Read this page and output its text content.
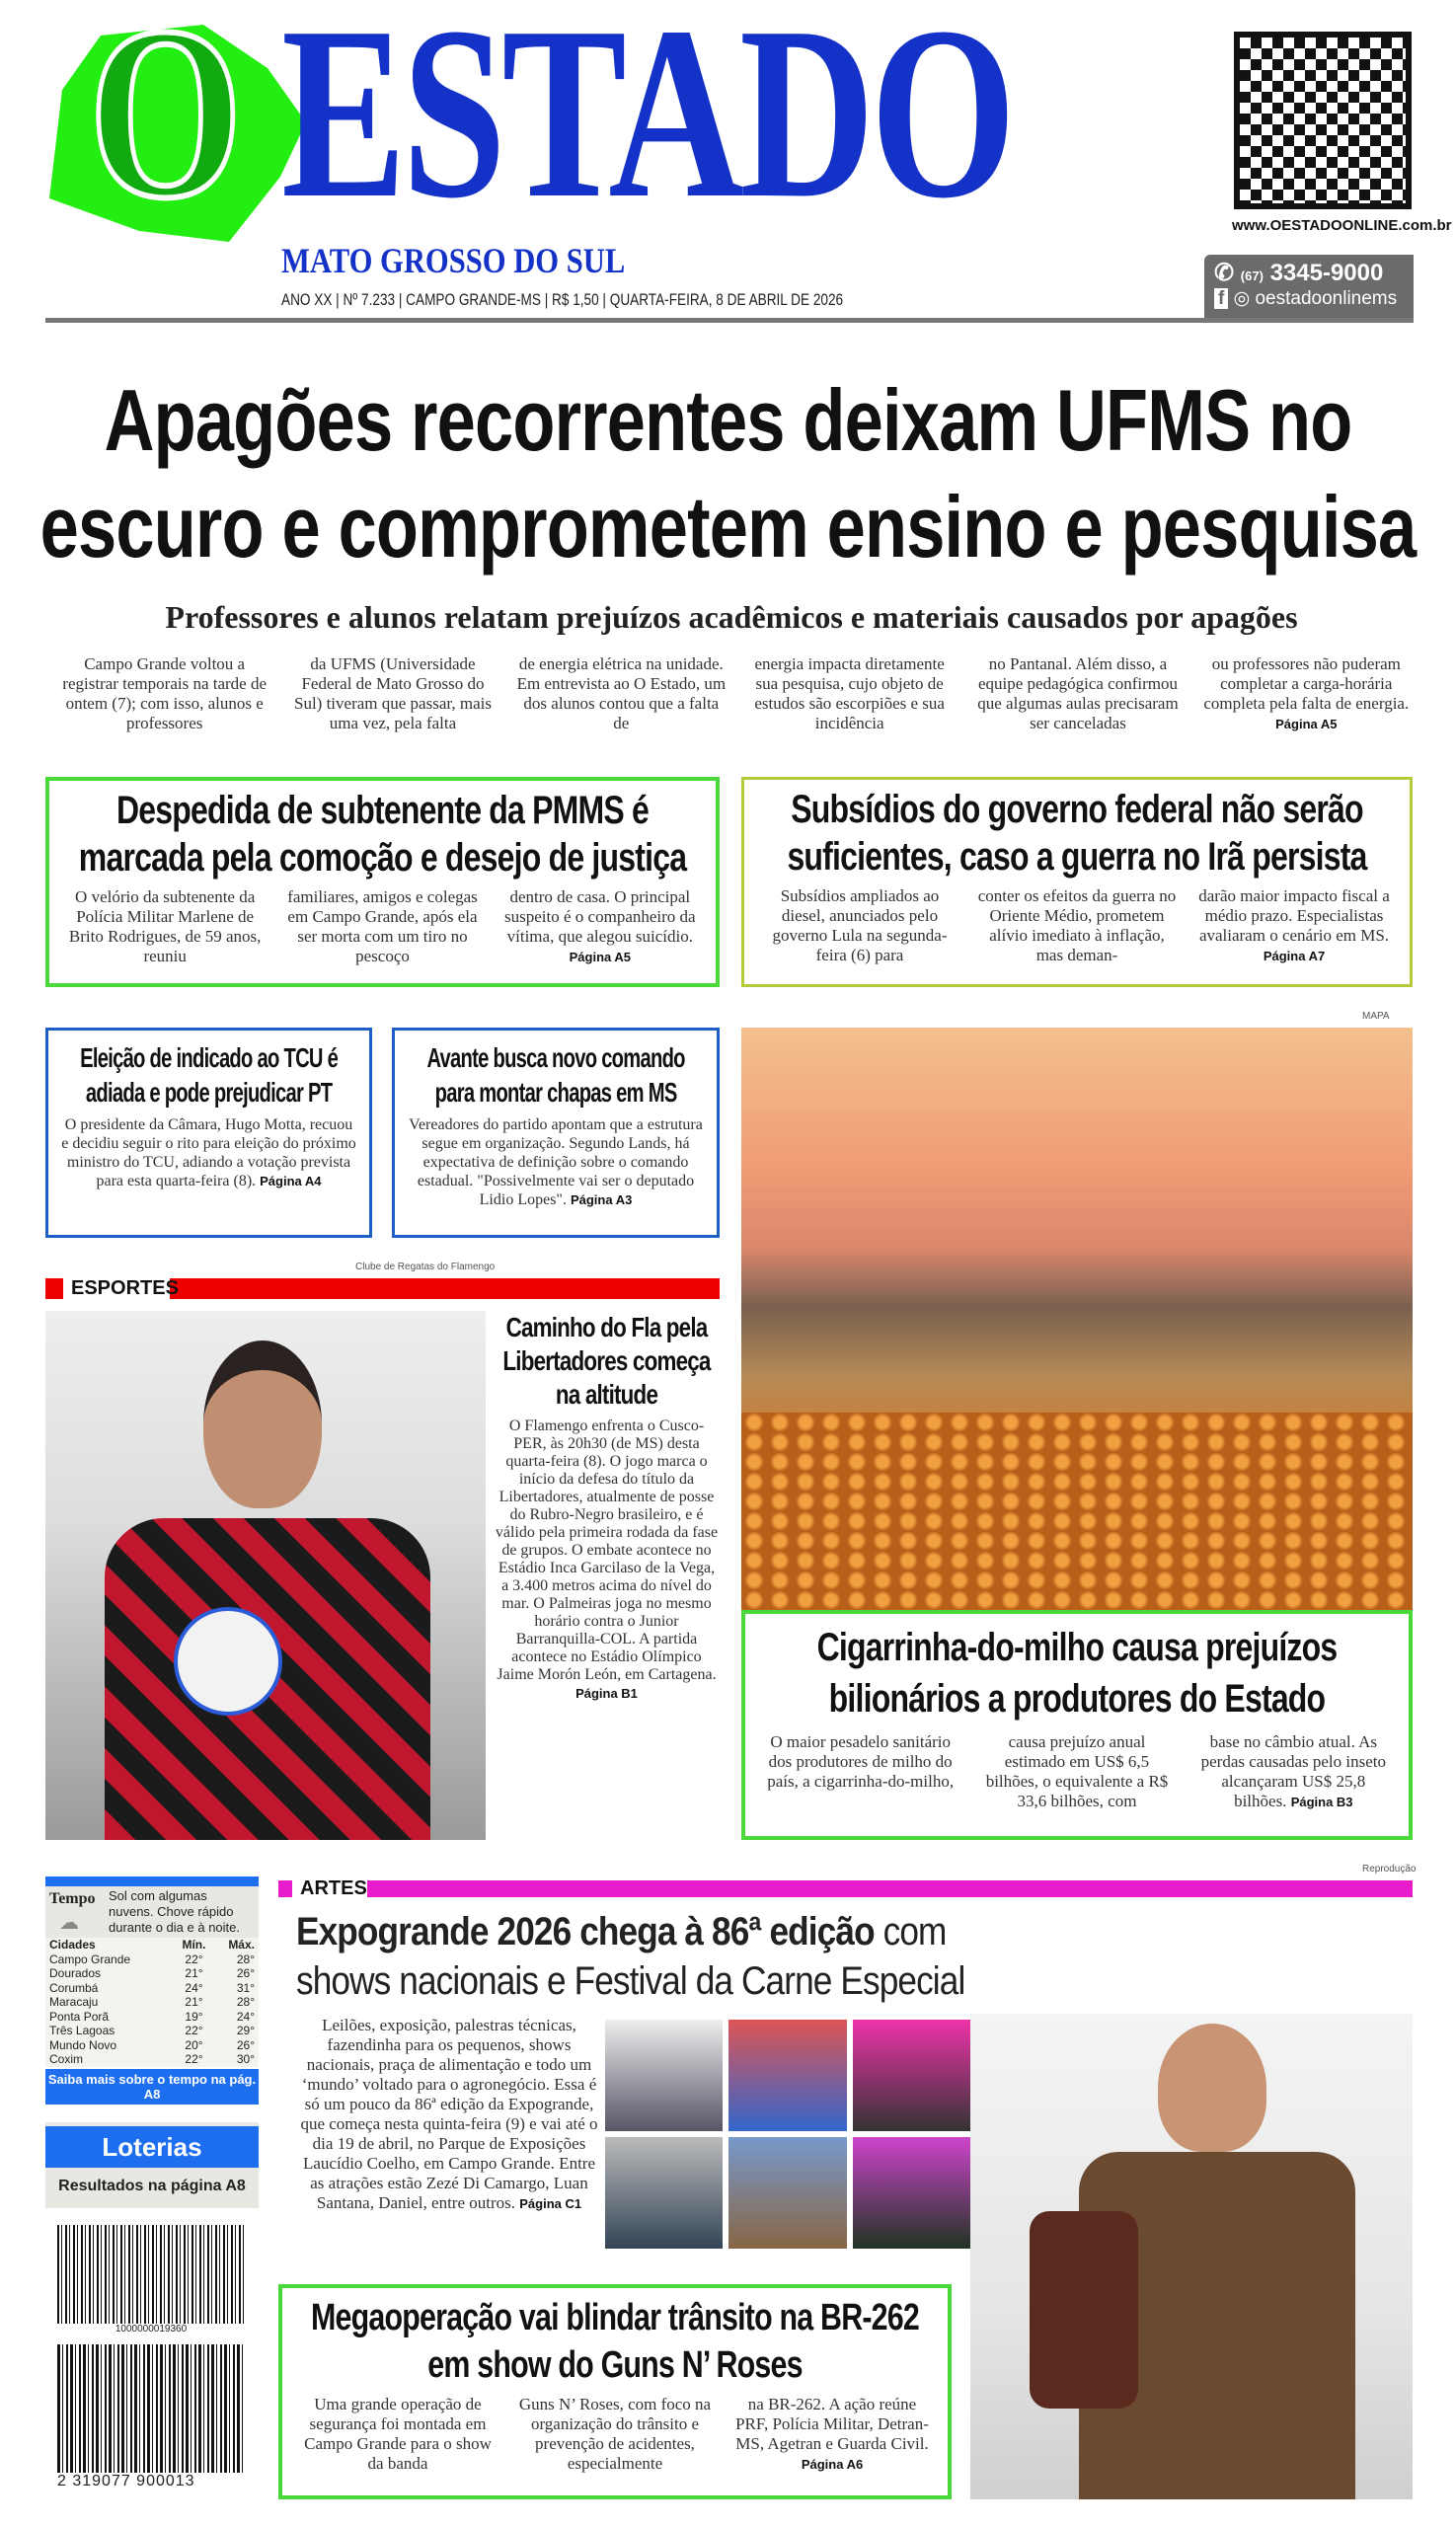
O ESTADO
MATO GROSSO DO SUL
ANO XX | Nº 7.233 | CAMPO GRANDE-MS | R$ 1,50 | QUARTA-FEIRA, 8 DE ABRIL DE 2026
www.OESTADOONLINE.com.br
✆ (67) 3345-9000
f ◎ oestadoonlinems
Apagões recorrentes deixam UFMS no escuro e comprometem ensino e pesquisa
Professores e alunos relatam prejuízos acadêmicos e materiais causados por apagões
Campo Grande voltou a registrar temporais na tarde de ontem (7); com isso, alunos e professores
da UFMS (Universidade Federal de Mato Grosso do Sul) tiveram que passar, mais uma vez, pela falta
de energia elétrica na unidade. Em entrevista ao O Estado, um dos alunos contou que a falta de
energia impacta diretamente sua pesquisa, cujo objeto de estudos são escorpiões e sua incidência
no Pantanal. Além disso, a equipe pedagógica confirmou que algumas aulas precisaram ser canceladas
ou professores não puderam completar a carga-horária completa pela falta de energia. Página A5
Despedida de subtenente da PMMS é marcada pela comoção e desejo de justiça
O velório da subtenente da Polícia Militar Marlene de Brito Rodrigues, de 59 anos, reuniu
familiares, amigos e colegas em Campo Grande, após ela ser morta com um tiro no pescoço
dentro de casa. O principal suspeito é o companheiro da vítima, que alegou suicídio. Página A5
Subsídios do governo federal não serão suficientes, caso a guerra no Irã persista
Subsídios ampliados ao diesel, anunciados pelo governo Lula na segunda-feira (6) para
conter os efeitos da guerra no Oriente Médio, prometem alívio imediato à inflação, mas deman-
darão maior impacto fiscal a médio prazo. Especialistas avaliaram o cenário em MS. Página A7
Eleição de indicado ao TCU é adiada e pode prejudicar PT
O presidente da Câmara, Hugo Motta, recuou e decidiu seguir o rito para eleição do próximo ministro do TCU, adiando a votação prevista para esta quarta-feira (8). Página A4
Avante busca novo comando para montar chapas em MS
Vereadores do partido apontam que a estrutura segue em organização. Segundo Lands, há expectativa de definição sobre o comando estadual. "Possivelmente vai ser o deputado Lidio Lopes". Página A3
MAPA
Cigarrinha-do-milho causa prejuízos bilionários a produtores do Estado
O maior pesadelo sanitário dos produtores de milho do país, a cigarrinha-do-milho,
causa prejuízo anual estimado em US$ 6,5 bilhões, o equivalente a R$ 33,6 bilhões, com
base no câmbio atual. As perdas causadas pelo inseto alcançaram US$ 25,8 bilhões. Página B3
Clube de Regatas do Flamengo
ESPORTES
Caminho do Fla pela Libertadores começa na altitude
O Flamengo enfrenta o Cusco-PER, às 20h30 (de MS) desta quarta-feira (8). O jogo marca o início da defesa do título da Libertadores, atualmente de posse do Rubro-Negro brasileiro, e é válido pela primeira rodada da fase de grupos. O embate acontece no Estádio Inca Garcilaso de la Vega, a 3.400 metros acima do nível do mar. O Palmeiras joga no mesmo horário contra o Junior Barranquilla-COL. A partida acontece no Estádio Olímpico Jaime Morón León, em Cartagena.
Página B1
Tempo
☁
Sol com algumas nuvens. Chove rápido durante o dia e à noite.
Cidades	Mín.	Máx.
Campo Grande	22°	28°
Dourados	21°	26°
Corumbá	24°	31°
Maracaju	21°	28°
Ponta Porã	19°	24°
Três Lagoas	22°	29°
Mundo Novo	20°	26°
Coxim	22°	30°
Saiba mais sobre o tempo na pág. A8
Loterias
Resultados na página A8
1000000019360
2 319077 900013
Reprodução
ARTES
Expogrande 2026 chega à 86ª edição com shows nacionais e Festival da Carne Especial
Leilões, exposição, palestras técnicas, fazendinha para os pequenos, shows nacionais, praça de alimentação e todo um ‘mundo’ voltado para o agronegócio. Essa é só um pouco da 86ª edição da Expogrande, que começa nesta quinta-feira (9) e vai até o dia 19 de abril, no Parque de Exposições Laucídio Coelho, em Campo Grande. Entre as atrações estão Zezé Di Camargo, Luan Santana, Daniel, entre outros. Página C1
Megaoperação vai blindar trânsito na BR-262 em show do Guns N’ Roses
Uma grande operação de segurança foi montada em Campo Grande para o show da banda
Guns N’ Roses, com foco na organização do trânsito e prevenção de acidentes, especialmente
na BR-262. A ação reúne PRF, Polícia Militar, Detran-MS, Agetran e Guarda Civil. Página A6
